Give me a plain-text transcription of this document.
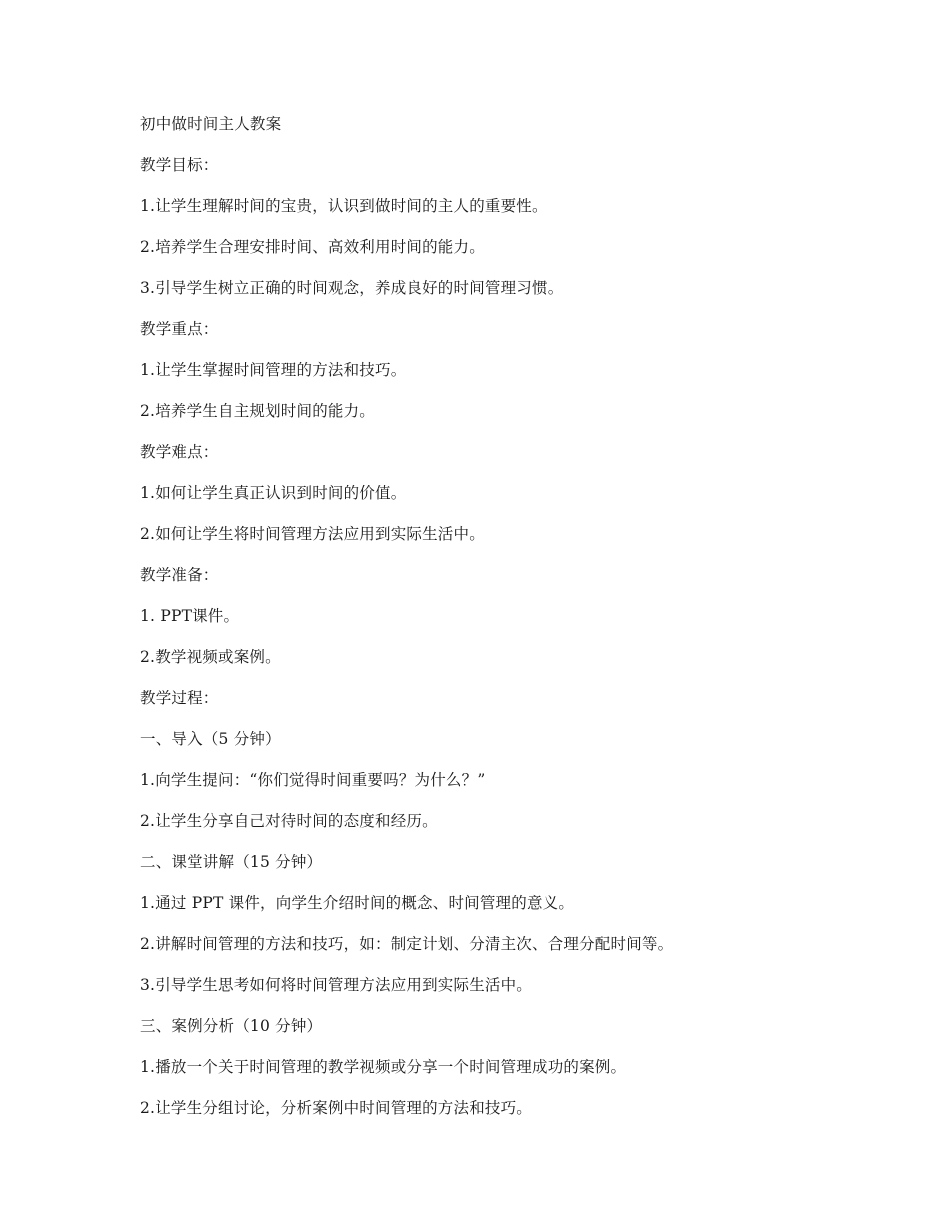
初中做时间主人教案
教学目标：
1.让学生理解时间的宝贵，认识到做时间的主人的重要性。
2.培养学生合理安排时间、高效利用时间的能力。
3.引导学生树立正确的时间观念，养成良好的时间管理习惯。
教学重点：
1.让学生掌握时间管理的方法和技巧。
2.培养学生自主规划时间的能力。
教学难点：
1.如何让学生真正认识到时间的价值。
2.如何让学生将时间管理方法应用到实际生活中。
教学准备：
1. PPT课件。
2.教学视频或案例。
教学过程：
一、导入（5 分钟）
1.向学生提问：“你们觉得时间重要吗？为什么？”
2.让学生分享自己对待时间的态度和经历。
二、课堂讲解（15 分钟）
1.通过 PPT 课件，向学生介绍时间的概念、时间管理的意义。
2.讲解时间管理的方法和技巧，如：制定计划、分清主次、合理分配时间等。
3.引导学生思考如何将时间管理方法应用到实际生活中。
三、案例分析（10 分钟）
1.播放一个关于时间管理的教学视频或分享一个时间管理成功的案例。
2.让学生分组讨论，分析案例中时间管理的方法和技巧。
